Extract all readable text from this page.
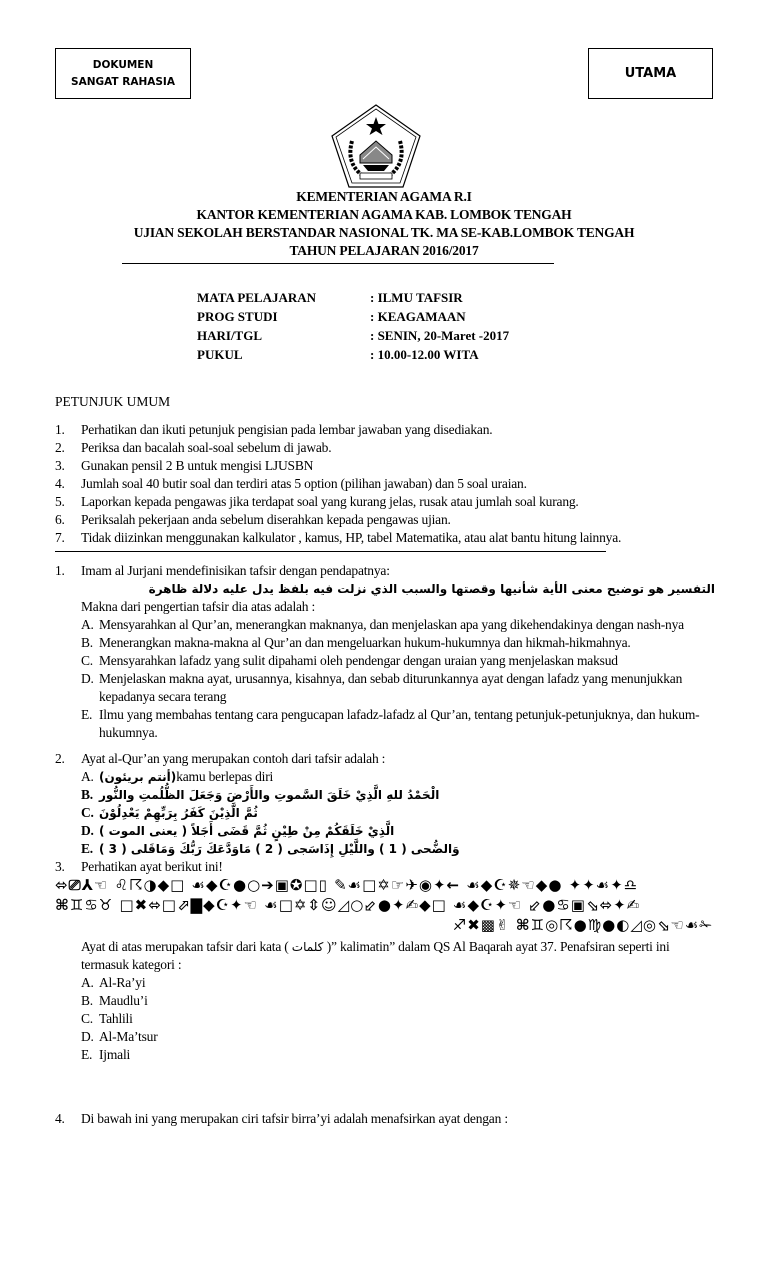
DOKUMEN
SANGAT RAHASIA
UTAMA
KEMENTERIAN AGAMA R.I
KANTOR KEMENTERIAN AGAMA KAB. LOMBOK TENGAH
UJIAN SEKOLAH BERSTANDAR NASIONAL TK. MA SE-KAB.LOMBOK TENGAH
TAHUN PELAJARAN 2016/2017
MATA PELAJARAN	: ILMU TAFSIR
PROG STUDI	: KEAGAMAAN
HARI/TGL	: SENIN, 20-Maret -2017
PUKUL	: 10.00-12.00 WITA
PETUNJUK UMUM
1.	Perhatikan dan ikuti petunjuk pengisian pada lembar jawaban yang disediakan.
2.	Periksa dan bacalah soal-soal sebelum di jawab.
3.	Gunakan pensil 2 B untuk mengisi LJUSBN
4.	Jumlah soal 40 butir soal dan terdiri atas 5 option (pilihan jawaban) dan 5 soal uraian.
5.	Laporkan kepada pengawas jika terdapat soal yang kurang jelas, rusak atau jumlah soal kurang.
6.	Periksalah pekerjaan anda sebelum diserahkan kepada pengawas ujian.
7.	Tidak diizinkan menggunakan kalkulator , kamus, HP, tabel Matematika, atau alat bantu hitung lainnya.
1.	Imam al Jurjani mendefinisikan tafsir dengan pendapatnya:
التفسير هو توضيح معنى الأية شأنيها وقصتها والسبب الذي نزلت فيه بلفظ يدل عليه دلالة ظاهرة
Makna dari pengertian tafsir dia atas adalah :
A. Mensyarahkan al Qur’an, menerangkan maknanya, dan menjelaskan apa yang dikehendakinya dengan nash-nya
B. Menerangkan makna-makna al Qur’an dan mengeluarkan hukum-hukumnya dan hikmah-hikmahnya.
C. Mensyarahkan lafadz yang sulit dipahami oleh pendengar dengan uraian yang menjelaskan maksud
D. Menjelaskan makna ayat, urusannya, kisahnya, dan sebab diturunkannya ayat dengan lafadz yang menunjukkan kepadanya secara terang
E. Ilmu yang membahas tentang cara pengucapan lafadz-lafadz al Qur’an, tentang petunjuk-petunjuknya, dan hukum-hukumnya.
2.	Ayat al-Qur’an yang merupakan contoh dari tafsir adalah :
A. (أنتم بريئون) kamu berlepas diri
B. الْحَمْدُ للهِ الَّذِيْ خَلَقَ السَّموتِ والأَرْضَ وَجَعَلَ الظُّلُمتِ والنُّور
C. ثُمَّ الَّذِيْنَ كَفَرُ بِرَبِّهِمْ يَعْدِلُوْنَ
D. الَّذِيْ خَلَقَكُمْ مِنْ طِيْنٍ ثُمَّ قَضَى أَجَلاً ( يعنى الموت )
E. وَالضُّحى ( 1 ) واللَّيْلِ إِذَاسَجى ( 2 ) مَاوَدَّعَكَ رَبُّكَ وَمَاقَلى ( 3 )
3.	Perhatikan ayat berikut ini!
⬄⎚⅄☜ ♌☈◑◆□ ☙◆☪●○➔▣✪□▯ ✎☙□✡☞✈◉✦← ☙◆☪✵☜◆● ✦✦☙✦♎
⌘♊♋♉ □✖⬄□⬀▇◆☪✦☜ ☙□✡⇳☺◿○⬃●✦✍◆□ ☙◆☪✦☜ ⬃●♋▣⬂⬄✦✍
♐✖▩✌ ⌘♊◎☈●♍●◐◿◎⬂☜☙✁
Ayat di atas merupakan tafsir dari kata ( كلمات )” kalimatin” dalam QS Al Baqarah ayat 37. Penafsiran seperti ini termasuk kategori :
A. Al-Ra’yi
B. Maudlu’i
C. Tahlili
D. Al-Ma’tsur
E. Ijmali
4.	Di bawah ini yang merupakan ciri tafsir birra’yi adalah menafsirkan ayat dengan :
